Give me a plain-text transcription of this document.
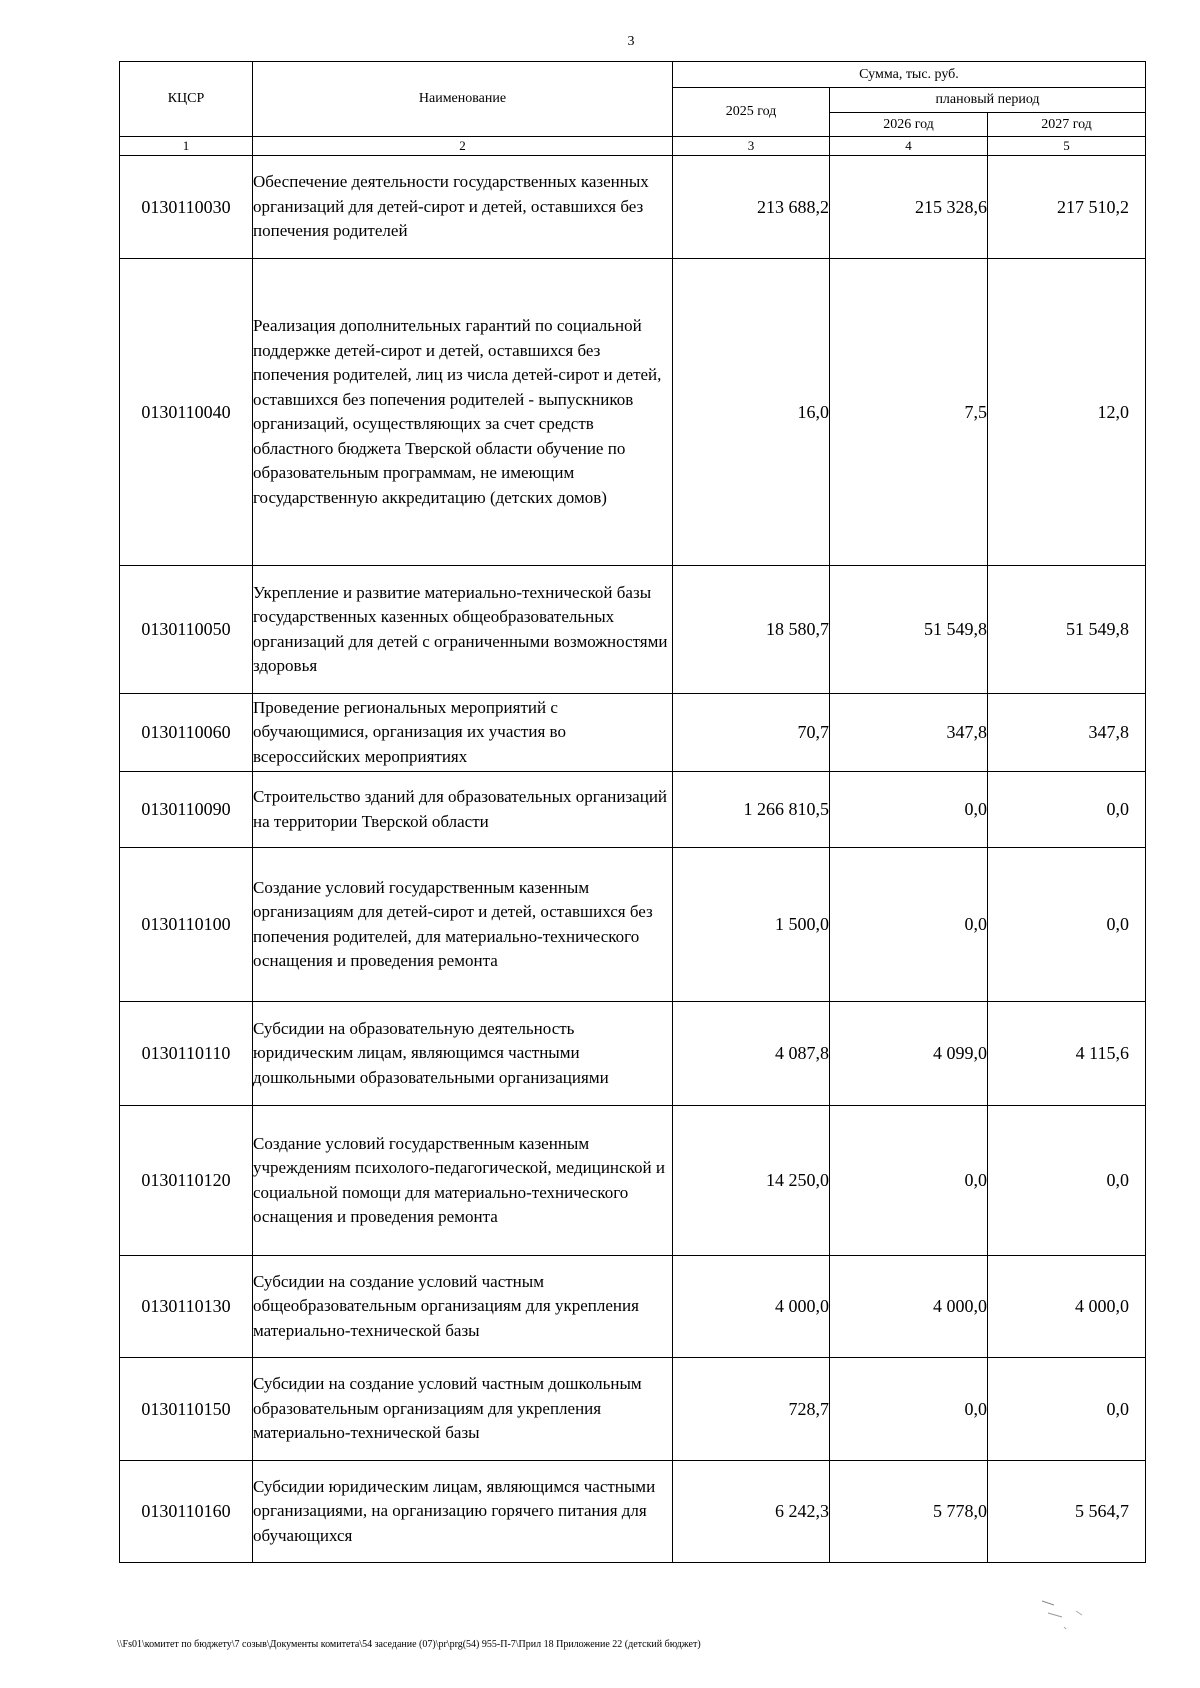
3
КЦСР	Наименование	Сумма, тыс. руб.		
		2025 год	плановый период	
			2026 год	2027 год
1	2	3	4	5
0130110030	Обеспечение деятельности государственных казенных организаций для детей-сирот и детей, оставшихся без попечения родителей	213 688,2	215 328,6	217 510,2
0130110040	Реализация дополнительных гарантий по социальной поддержке детей-сирот и детей, оставшихся без попечения родителей, лиц из числа детей-сирот и детей, оставшихся без попечения родителей - выпускников организаций, осуществляющих за счет средств областного бюджета Тверской области обучение по образовательным программам, не имеющим государственную аккредитацию (детских домов)	16,0	7,5	12,0
0130110050	Укрепление и развитие материально-технической базы государственных казенных общеобразовательных организаций для детей с ограниченными возможностями здоровья	18 580,7	51 549,8	51 549,8
0130110060	Проведение региональных мероприятий с обучающимися, организация их участия во всероссийских мероприятиях	70,7	347,8	347,8
0130110090	Строительство зданий для образовательных организаций на территории Тверской области	1 266 810,5	0,0	0,0
0130110100	Создание условий государственным казенным организациям для детей-сирот и детей, оставшихся без попечения родителей, для материально-технического оснащения и проведения ремонта	1 500,0	0,0	0,0
0130110110	Субсидии на образовательную деятельность юридическим лицам, являющимся частными дошкольными образовательными организациями	4 087,8	4 099,0	4 115,6
0130110120	Создание условий государственным казенным учреждениям психолого-педагогической, медицинской и социальной помощи для материально-технического оснащения и проведения ремонта	14 250,0	0,0	0,0
0130110130	Субсидии на создание условий частным общеобразовательным организациям для укрепления материально-технической базы	4 000,0	4 000,0	4 000,0
0130110150	Субсидии на создание условий частным дошкольным образовательным организациям для укрепления материально-технической базы	728,7	0,0	0,0
0130110160	Субсидии юридическим лицам, являющимся частными организациями, на организацию горячего питания для обучающихся	6 242,3	5 778,0	5 564,7
\\Fs01\комитет по бюджету\7 созыв\Документы комитета\54 заседание (07)\pr\prg(54) 955-П-7\Прил 18 Приложение 22 (детский бюджет)
